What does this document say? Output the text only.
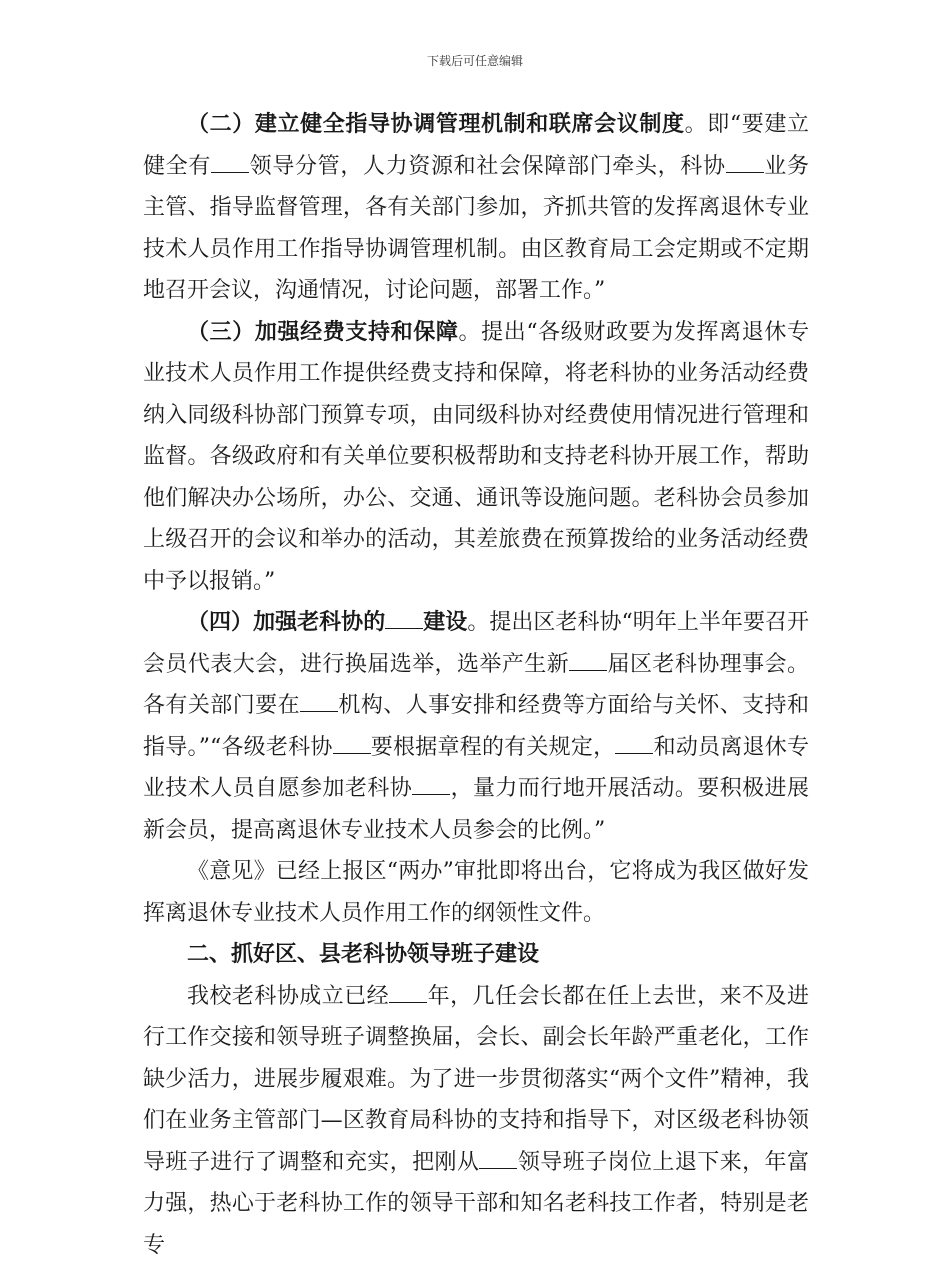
下载后可任意编辑

（二）建立健全指导协调管理机制和联席会议制度。即“要建立健全有 领导分管，人力资源和社会保障部门牵头，科协 业务主管、指导监督管理，各有关部门参加，齐抓共管的发挥离退休专业技术人员作用工作指导协调管理机制。由区教育局工会定期或不定期地召开会议，沟通情况，讨论问题，部署工作。”

（三）加强经费支持和保障。提出“各级财政要为发挥离退休专业技术人员作用工作提供经费支持和保障，将老科协的业务活动经费纳入同级科协部门预算专项，由同级科协对经费使用情况进行管理和监督。各级政府和有关单位要积极帮助和支持老科协开展工作，帮助他们解决办公场所，办公、交通、通讯等设施问题。老科协会员参加上级召开的会议和举办的活动，其差旅费在预算拨给的业务活动经费中予以报销。”

（四）加强老科协的 建设。提出区老科协“明年上半年要召开会员代表大会，进行换届选举，选举产生新 届区老科协理事会。各有关部门要在 机构、人事安排和经费等方面给与关怀、支持和指导。”“各级老科协 要根据章程的有关规定， 和动员离退休专业技术人员自愿参加老科协 ，量力而行地开展活动。要积极进展新会员，提高离退休专业技术人员参会的比例。”

《意见》已经上报区“两办”审批即将出台，它将成为我区做好发挥离退休专业技术人员作用工作的纲领性文件。

二、抓好区、县老科协领导班子建设

我校老科协成立已经 年，几任会长都在任上去世，来不及进行工作交接和领导班子调整换届，会长、副会长年龄严重老化，工作缺少活力，进展步履艰难。为了进一步贯彻落实“两个文件”精神，我们在业务主管部门—区教育局科协的支持和指导下，对区级老科协领导班子进行了调整和充实，把刚从 领导班子岗位上退下来，年富力强，热心于老科协工作的领导干部和知名老科技工作者，特别是老专
